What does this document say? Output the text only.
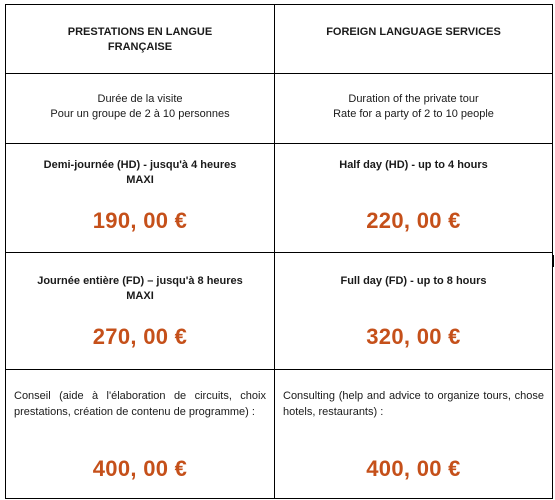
PRESTATIONS EN LANGUE
FRANÇAISE
FOREIGN LANGUAGE SERVICES
Durée de la visite
Pour un groupe de 2 à 10 personnes
Duration of the private tour
Rate for a party of 2 to 10 people
Demi-journée (HD) - jusqu'à 4 heures
MAXI
190, 00 €
Half day (HD) - up to 4 hours
220, 00 €
Journée entière (FD) – jusqu'à 8 heures
MAXI
270, 00 €
Full day (FD) - up to 8 hours
320, 00 €
Conseil (aide à l'élaboration de circuits, choix prestations, création de contenu de programme) :
400, 00 €
Consulting (help and advice to organize tours, chose hotels, restaurants) :
400, 00 €
